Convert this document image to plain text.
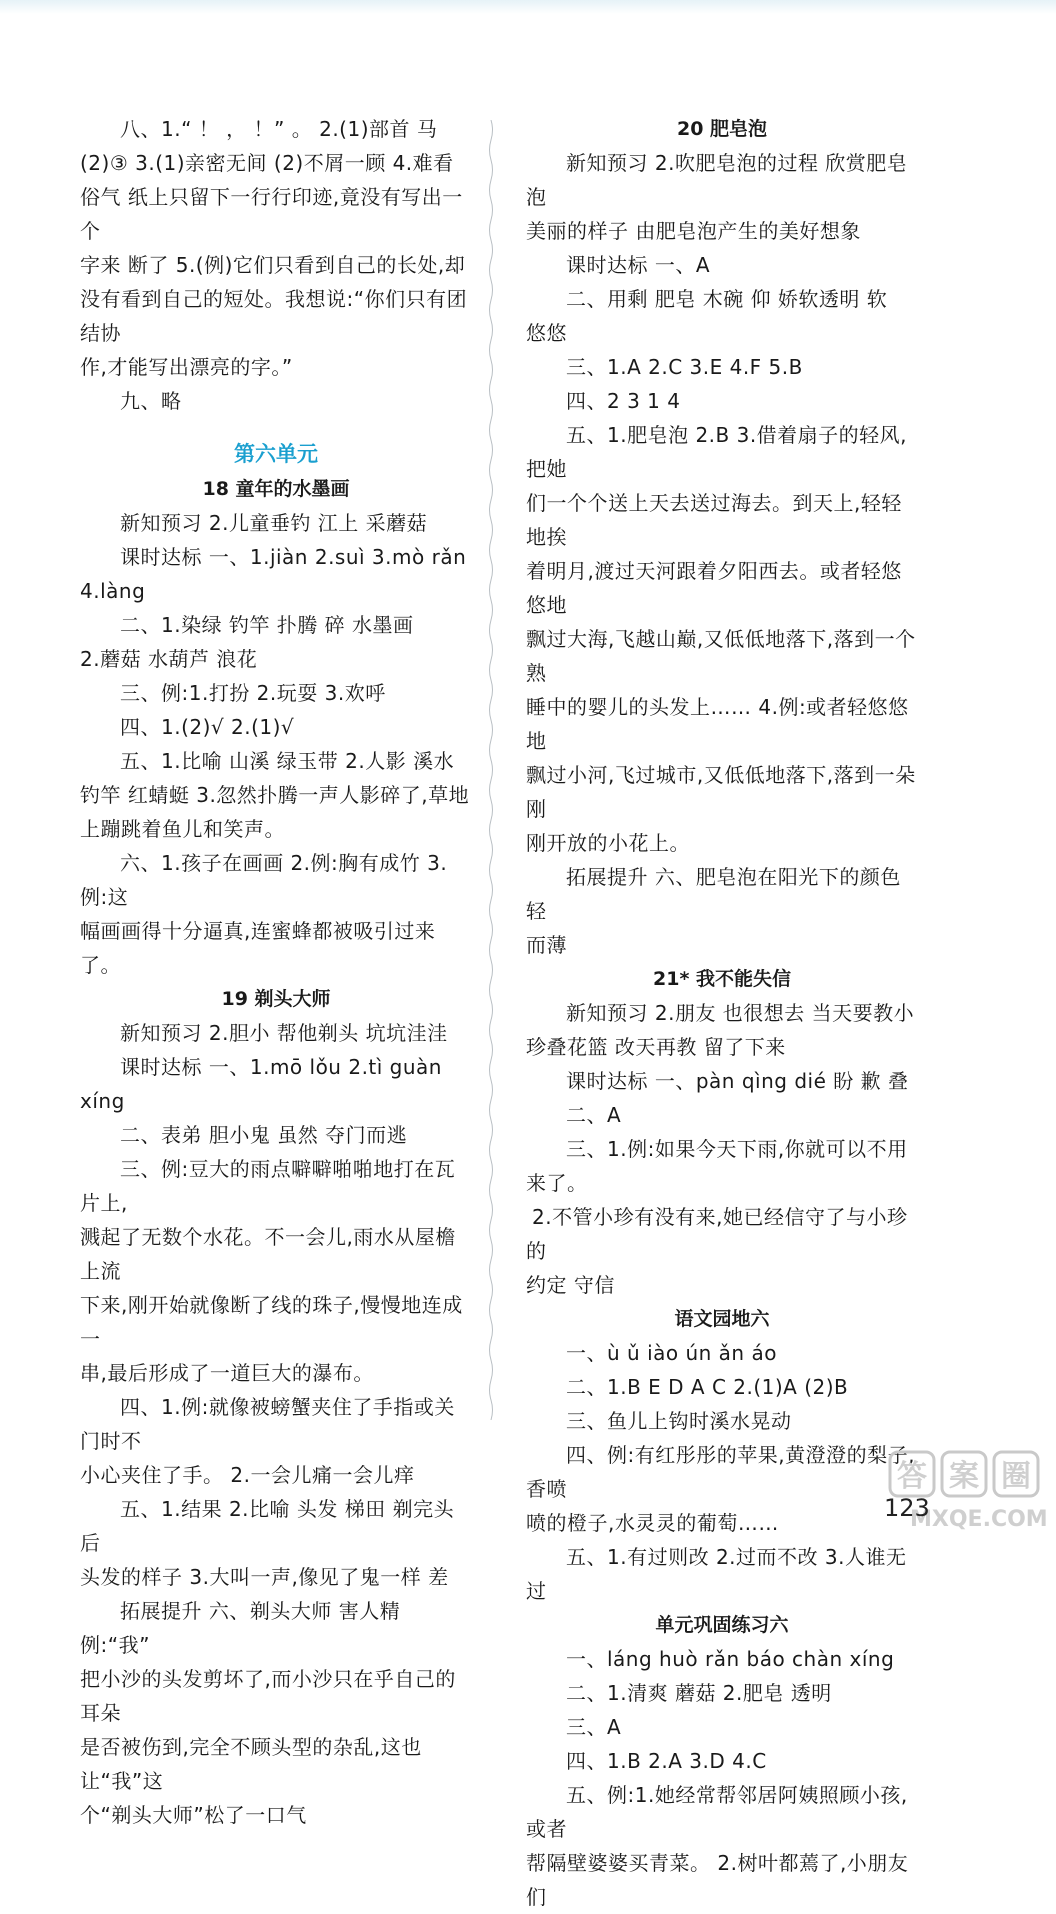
八、1.“ ！ ， ！” 。 2.(1)部首 马

(2)③ 3.(1)亲密无间 (2)不屑一顾 4.难看

俗气 纸上只留下一行行印迹,竟没有写出一个

字来 断了 5.(例)它们只看到自己的长处,却

没有看到自己的短处。我想说:“你们只有团结协

作,才能写出漂亮的字。”

九、略

第六单元
18 童年的水墨画

新知预习 2.儿童垂钓 江上 采蘑菇

课时达标 一、1.jiàn 2.suì 3.mò rǎn

4.làng

二、1.染绿 钓竿 扑腾 碎 水墨画

2.蘑菇 水葫芦 浪花

三、例:1.打扮 2.玩耍 3.欢呼

四、1.(2)√ 2.(1)√

五、1.比喻 山溪 绿玉带 2.人影 溪水

钓竿 红蜻蜓 3.忽然扑腾一声人影碎了,草地

上蹦跳着鱼儿和笑声。

六、1.孩子在画画 2.例:胸有成竹 3.例:这

幅画画得十分逼真,连蜜蜂都被吸引过来了。

19 剃头大师

新知预习 2.胆小 帮他剃头 坑坑洼洼

课时达标 一、1.mō lǒu 2.tì guàn

xíng

二、表弟 胆小鬼 虽然 夺门而逃

三、例:豆大的雨点噼噼啪啪地打在瓦片上,

溅起了无数个水花。不一会儿,雨水从屋檐上流

下来,刚开始就像断了线的珠子,慢慢地连成一

串,最后形成了一道巨大的瀑布。

四、1.例:就像被螃蟹夹住了手指或关门时不

小心夹住了手。 2.一会儿痛一会儿痒

五、1.结果 2.比喻 头发 梯田 剃完头后

头发的样子 3.大叫一声,像见了鬼一样 差

拓展提升 六、剃头大师 害人精 例:“我”

把小沙的头发剪坏了,而小沙只在乎自己的耳朵

是否被伤到,完全不顾头型的杂乱,这也让“我”这

个“剃头大师”松了一口气

20 肥皂泡

新知预习 2.吹肥皂泡的过程 欣赏肥皂泡

美丽的样子 由肥皂泡产生的美好想象

课时达标 一、A

二、用剩 肥皂 木碗 仰 娇软透明 软

悠悠

三、1.A 2.C 3.E 4.F 5.B

四、2 3 1 4

五、1.肥皂泡 2.B 3.借着扇子的轻风,把她

们一个个送上天去送过海去。到天上,轻轻地挨

着明月,渡过天河跟着夕阳西去。或者轻悠悠地

飘过大海,飞越山巅,又低低地落下,落到一个熟

睡中的婴儿的头发上…… 4.例:或者轻悠悠地

飘过小河,飞过城市,又低低地落下,落到一朵刚

刚开放的小花上。

拓展提升 六、肥皂泡在阳光下的颜色 轻

而薄

21* 我不能失信

新知预习 2.朋友 也很想去 当天要教小

珍叠花篮 改天再教 留了下来

课时达标 一、pàn qìng dié 盼 歉 叠

二、A

三、1.例:如果今天下雨,你就可以不用来了。

2.不管小珍有没有来,她已经信守了与小珍的

约定 守信

语文园地六

一、ù ǔ iào ún ǎn áo

二、1.B E D A C 2.(1)A (2)B

三、鱼儿上钩时溪水晃动

四、例:有红彤彤的苹果,黄澄澄的梨子,香喷

喷的橙子,水灵灵的葡萄……

五、1.有过则改 2.过而不改 3.人谁无过

单元巩固练习六

一、láng huò rǎn báo chàn xíng

二、1.清爽 蘑菇 2.肥皂 透明

三、A

四、1.B 2.A 3.D 4.C

五、例:1.她经常帮邻居阿姨照顾小孩,或者

帮隔壁婆婆买青菜。 2.树叶都蔫了,小朋友们

答 案 圈
MXQE.COM
123
